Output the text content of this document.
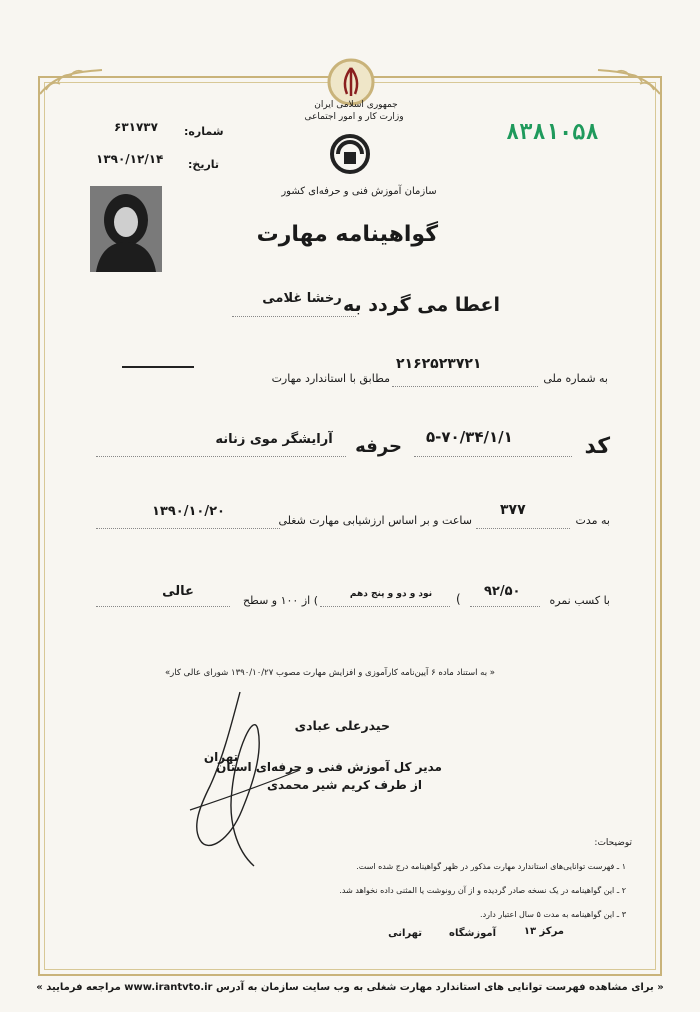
جمهوری اسلامی ایران
وزارت کار و امور اجتماعی
سازمان آموزش فنی و حرفه‌ای کشور
۸۳۸۱۰۵۸
شماره:
۶۳۱۷۳۷
تاریخ:
۱۳۹۰/۱۲/۱۴
گواهینامه مهارت
اعطا می گردد به
رخشا غلامی
به شماره ملی
۲۱۶۲۵۲۳۷۲۱
مطابق با استاندارد مهارت
کد
۵-۷۰/۳۴/۱/۱
حرفه
آرایشگر موی زنانه
به مدت
۳۷۷
ساعت و بر اساس ارزشیابی مهارت شغلی
۱۳۹۰/۱۰/۲۰
با کسب نمره
۹۲/۵۰
(
نود و دو و پنج دهم
) از ۱۰۰ و سطح
عالی
« به استناد ماده ۶ آیین‌نامه کارآموزی و افزایش مهارت مصوب ۱۳۹۰/۱۰/۲۷ شورای عالی کار»
حیدرعلی عبادی
تهران
مدیر کل آموزش فنی و حرفه‌ای استان
از طرف کریم شیر محمدی
توضیحات:
۱ ـ فهرست توانایی‌های استاندارد مهارت مذکور در ظهر گواهینامه درج شده است.
۲ ـ این گواهینامه در یک نسخه صادر گردیده و از آن رونوشت یا المثنی داده نخواهد شد.
۳ ـ این گواهینامه به مدت ۵ سال اعتبار دارد.
مرکز ۱۳
آموزشگاه
تهرانی
« برای مشاهده فهرست توانایی های استاندارد مهارت شغلی به وب سایت سازمان به آدرس www.irantvto.ir مراجعه فرمایید »
